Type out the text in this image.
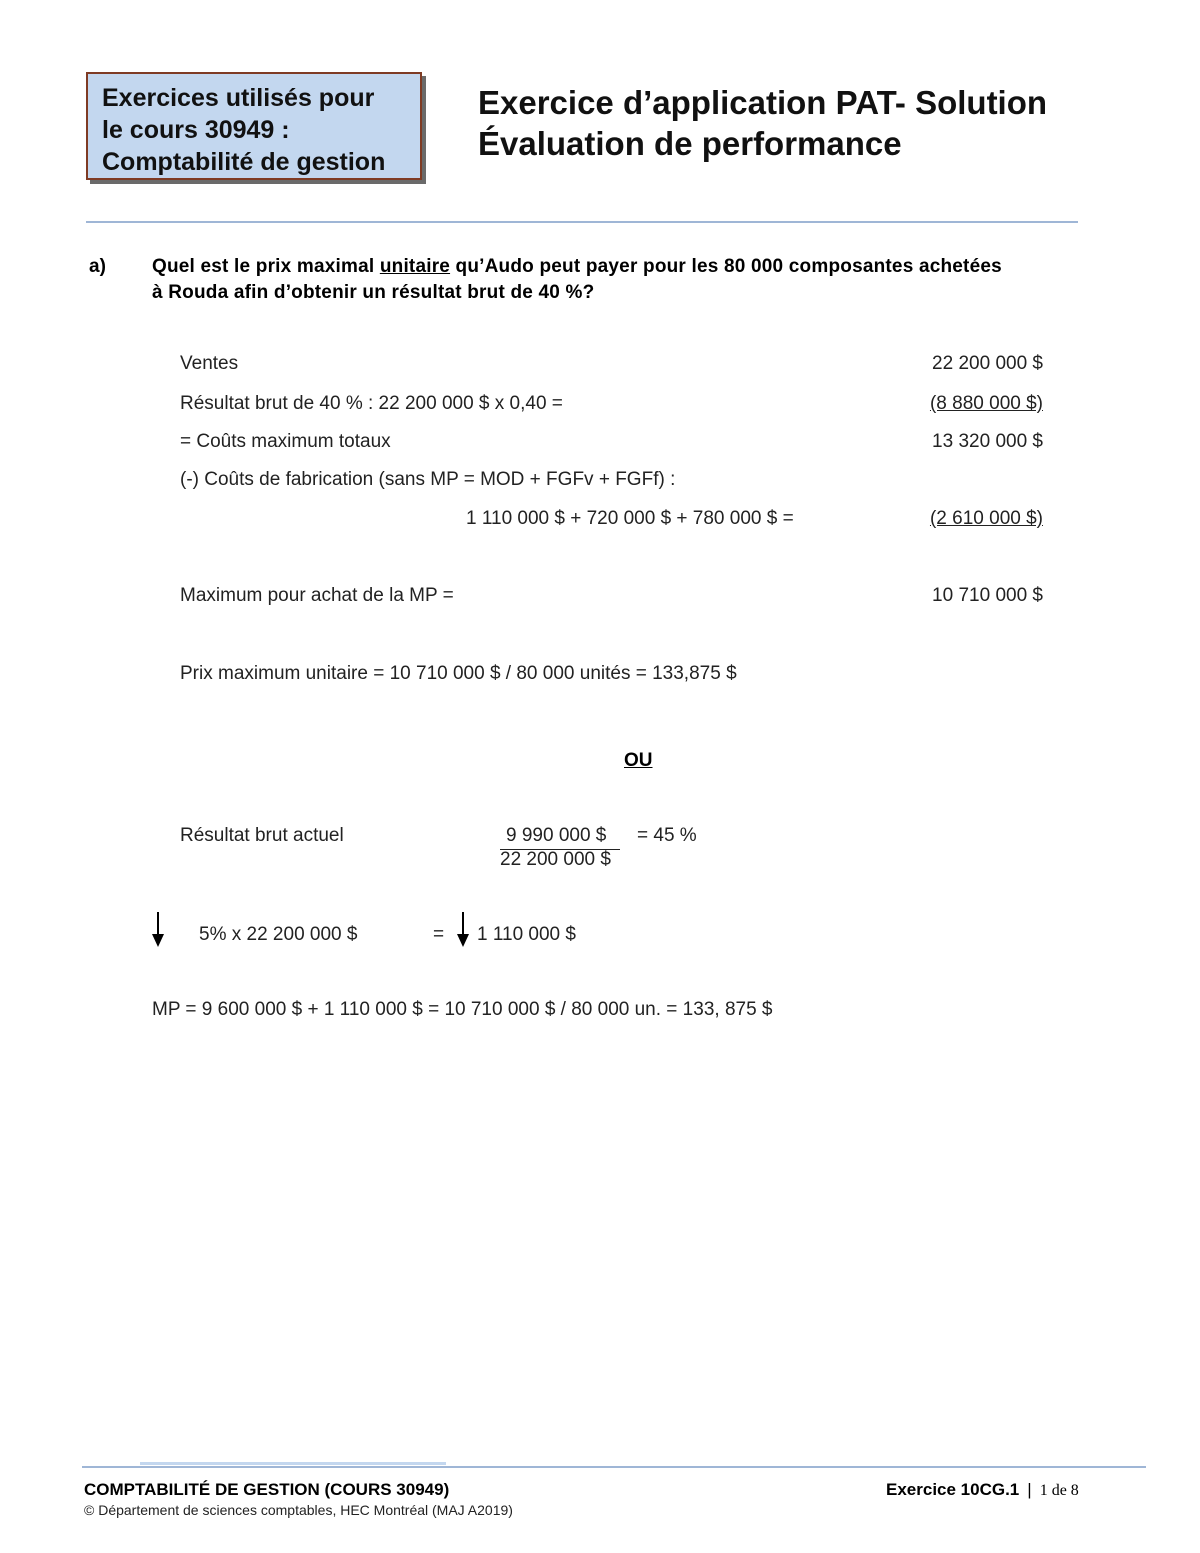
Exercices utilisés pour
le cours 30949 :
Comptabilité de gestion
Exercice d’application PAT- Solution
Évaluation de performance
a) Quel est le prix maximal unitaire qu’Audo peut payer pour les 80 000 composantes achetées
à Rouda afin d’obtenir un résultat brut de 40 %?
Ventes	22 200 000 $
Résultat brut de 40 % : 22 200 000 $ x 0,40 =	(8 880 000 $)
= Coûts maximum totaux	13 320 000 $
(-) Coûts de fabrication (sans MP = MOD + FGFv + FGFf) :
1 110 000 $ + 720 000 $ + 780 000 $ =	(2 610 000 $)
Maximum pour achat de la MP =	10 710 000 $
Prix maximum unitaire = 10 710 000 $ / 80 000 unités = 133,875 $
OU
Résultat brut actuel	9 990 000 $ = 45 %
22 200 000 $
5% x 22 200 000 $	= 1 110 000 $
MP = 9 600 000 $ + 1 110 000 $ = 10 710 000 $ / 80 000 un. = 133, 875 $
COMPTABILITÉ DE GESTION (COURS 30949)
© Département de sciences comptables, HEC Montréal (MAJ A2019)
Exercice 10CG.1 | 1 de 8
